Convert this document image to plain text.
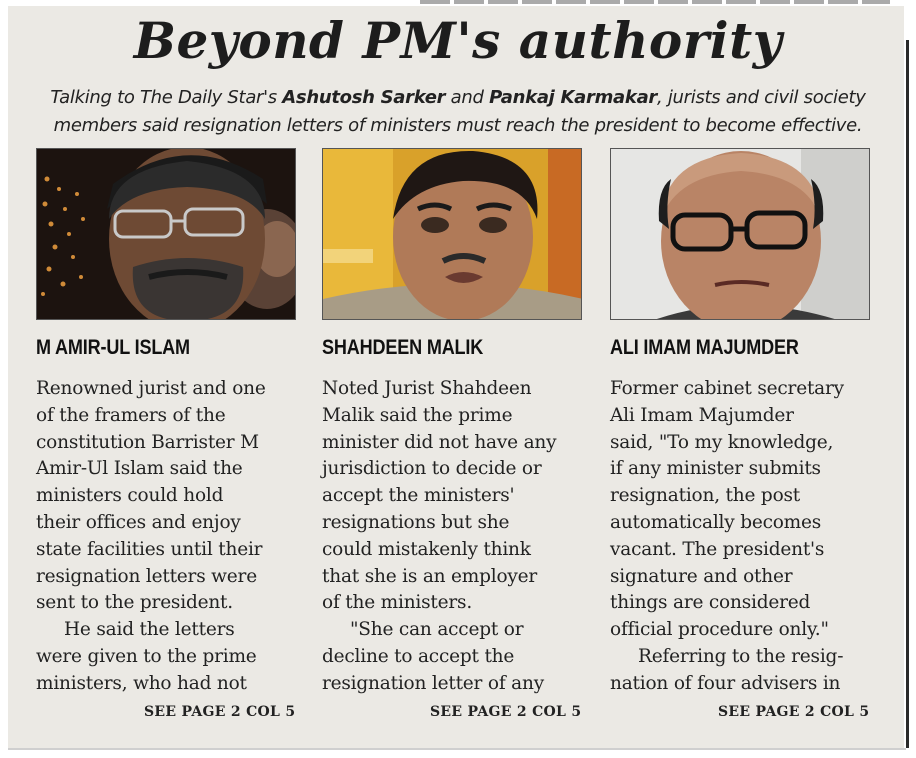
Beyond PM's authority
Talking to The Daily Star's Ashutosh Sarker and Pankaj Karmakar, jurists and civil society members said resignation letters of ministers must reach the president to become effective.
M AMIR-UL ISLAM	SHAHDEEN MALIK	ALI IMAM MAJUMDER

Renowned jurist and one
of the framers of the
constitution Barrister M
Amir-Ul Islam said the
ministers could hold
their offices and enjoy
state facilities until their
resignation letters were
sent to the president.

He said the letters
were given to the prime
ministers, who had not

Noted Jurist Shahdeen
Malik said the prime
minister did not have any
jurisdiction to decide or
accept the ministers'
resignations but she
could mistakenly think
that she is an employer
of the ministers.

"She can accept or
decline to accept the
resignation letter of any

Former cabinet secretary
Ali Imam Majumder
said, "To my knowledge,
if any minister submits
resignation, the post
automatically becomes
vacant. The president's
signature and other
things are considered
official procedure only."

Referring to the resig-
nation of four advisers in

SEE PAGE 2 COL 5	SEE PAGE 2 COL 5	SEE PAGE 2 COL 5
